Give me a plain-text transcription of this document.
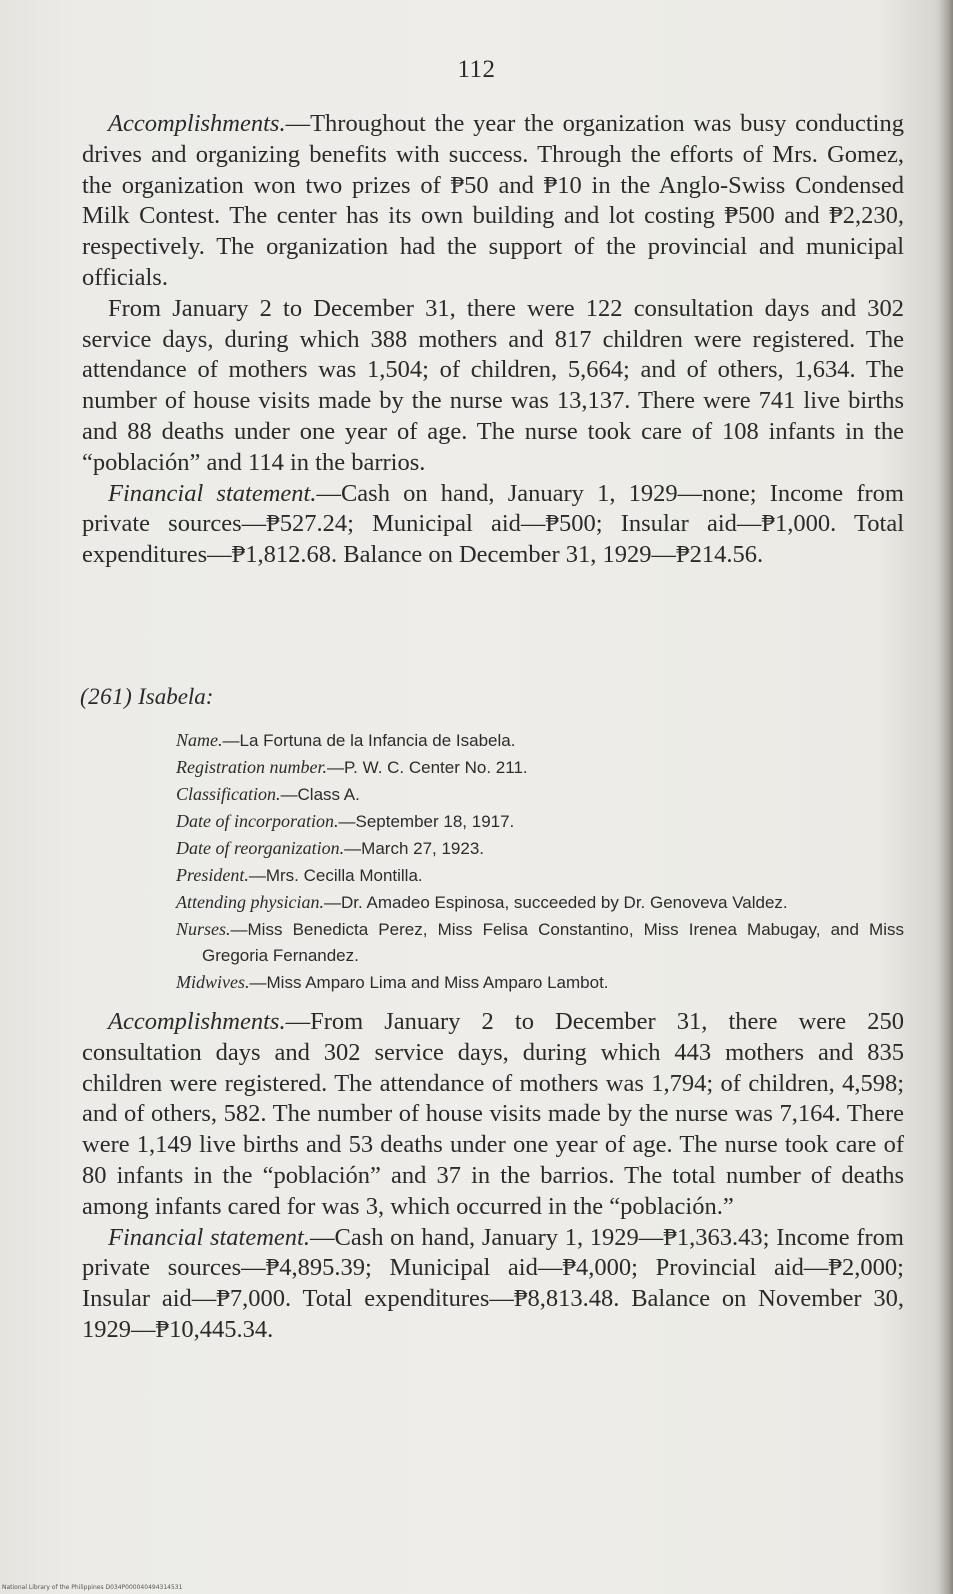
112

Accomplishments.—Throughout the year the organization was busy conducting drives and organizing benefits with success. Through the efforts of Mrs. Gomez, the organization won two prizes of ₱50 and ₱10 in the Anglo-Swiss Condensed Milk Contest. The center has its own building and lot costing ₱500 and ₱2,230, respectively. The organization had the support of the provincial and municipal officials.

From January 2 to December 31, there were 122 consultation days and 302 service days, during which 388 mothers and 817 children were registered. The attendance of mothers was 1,504; of children, 5,664; and of others, 1,634. The number of house visits made by the nurse was 13,137. There were 741 live births and 88 deaths under one year of age. The nurse took care of 108 infants in the “población” and 114 in the barrios.

Financial statement.—Cash on hand, January 1, 1929—none; Income from private sources—₱527.24; Municipal aid—₱500; Insular aid—₱1,000. Total expenditures—₱1,812.68. Balance on December 31, 1929—₱214.56.

(261) Isabela:

Name.—La Fortuna de la Infancia de Isabela.

Registration number.—P. W. C. Center No. 211.

Classification.—Class A.

Date of incorporation.—September 18, 1917.

Date of reorganization.—March 27, 1923.

President.—Mrs. Cecilla Montilla.

Attending physician.—Dr. Amadeo Espinosa, succeeded by Dr. Genoveva Valdez.

Nurses.—Miss Benedicta Perez, Miss Felisa Constantino, Miss Irenea Mabugay, and Miss Gregoria Fernandez.

Midwives.—Miss Amparo Lima and Miss Amparo Lambot.

Accomplishments.—From January 2 to December 31, there were 250 consultation days and 302 service days, during which 443 mothers and 835 children were registered. The attendance of mothers was 1,794; of children, 4,598; and of others, 582. The number of house visits made by the nurse was 7,164. There were 1,149 live births and 53 deaths under one year of age. The nurse took care of 80 infants in the “población” and 37 in the barrios. The total number of deaths among infants cared for was 3, which occurred in the “población.”

Financial statement.—Cash on hand, January 1, 1929—₱1,363.43; Income from private sources—₱4,895.39; Municipal aid—₱4,000; Provincial aid—₱2,000; Insular aid—₱7,000. Total expenditures—₱8,813.48. Balance on November 30, 1929—₱10,445.34.

National Library of the Philippines D034P000040494314531
